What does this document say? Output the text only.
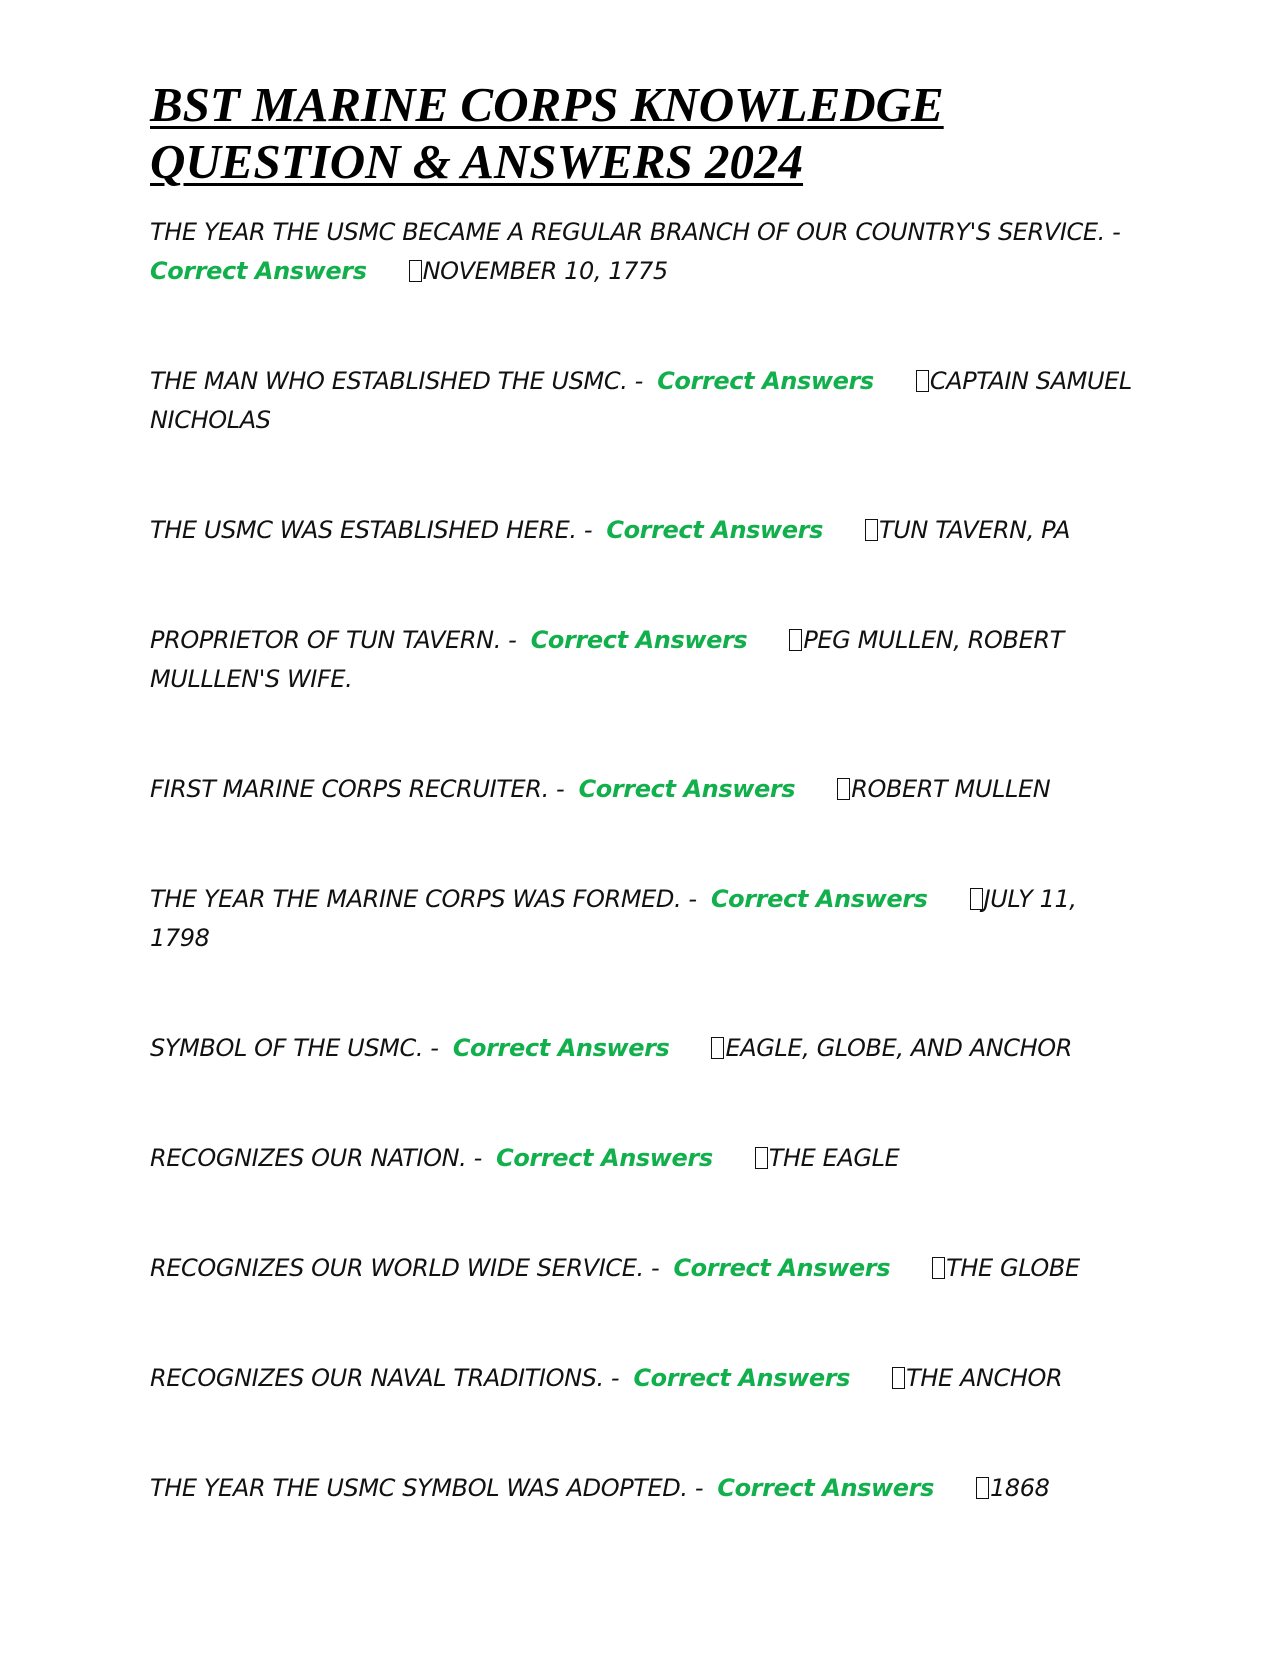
BST MARINE CORPS KNOWLEDGE
QUESTION & ANSWERS 2024
THE YEAR THE USMC BECAME A REGULAR BRANCH OF OUR COUNTRY'S SERVICE. - Correct Answers NOVEMBER 10, 1775
THE MAN WHO ESTABLISHED THE USMC. - Correct Answers CAPTAIN SAMUEL NICHOLAS
THE USMC WAS ESTABLISHED HERE. - Correct Answers TUN TAVERN, PA
PROPRIETOR OF TUN TAVERN. - Correct Answers PEG MULLEN, ROBERT MULLLEN'S WIFE.
FIRST MARINE CORPS RECRUITER. - Correct Answers ROBERT MULLEN
THE YEAR THE MARINE CORPS WAS FORMED. - Correct Answers JULY 11, 1798
SYMBOL OF THE USMC. - Correct Answers EAGLE, GLOBE, AND ANCHOR
RECOGNIZES OUR NATION. - Correct Answers THE EAGLE
RECOGNIZES OUR WORLD WIDE SERVICE. - Correct Answers THE GLOBE
RECOGNIZES OUR NAVAL TRADITIONS. - Correct Answers THE ANCHOR
THE YEAR THE USMC SYMBOL WAS ADOPTED. - Correct Answers 1868
